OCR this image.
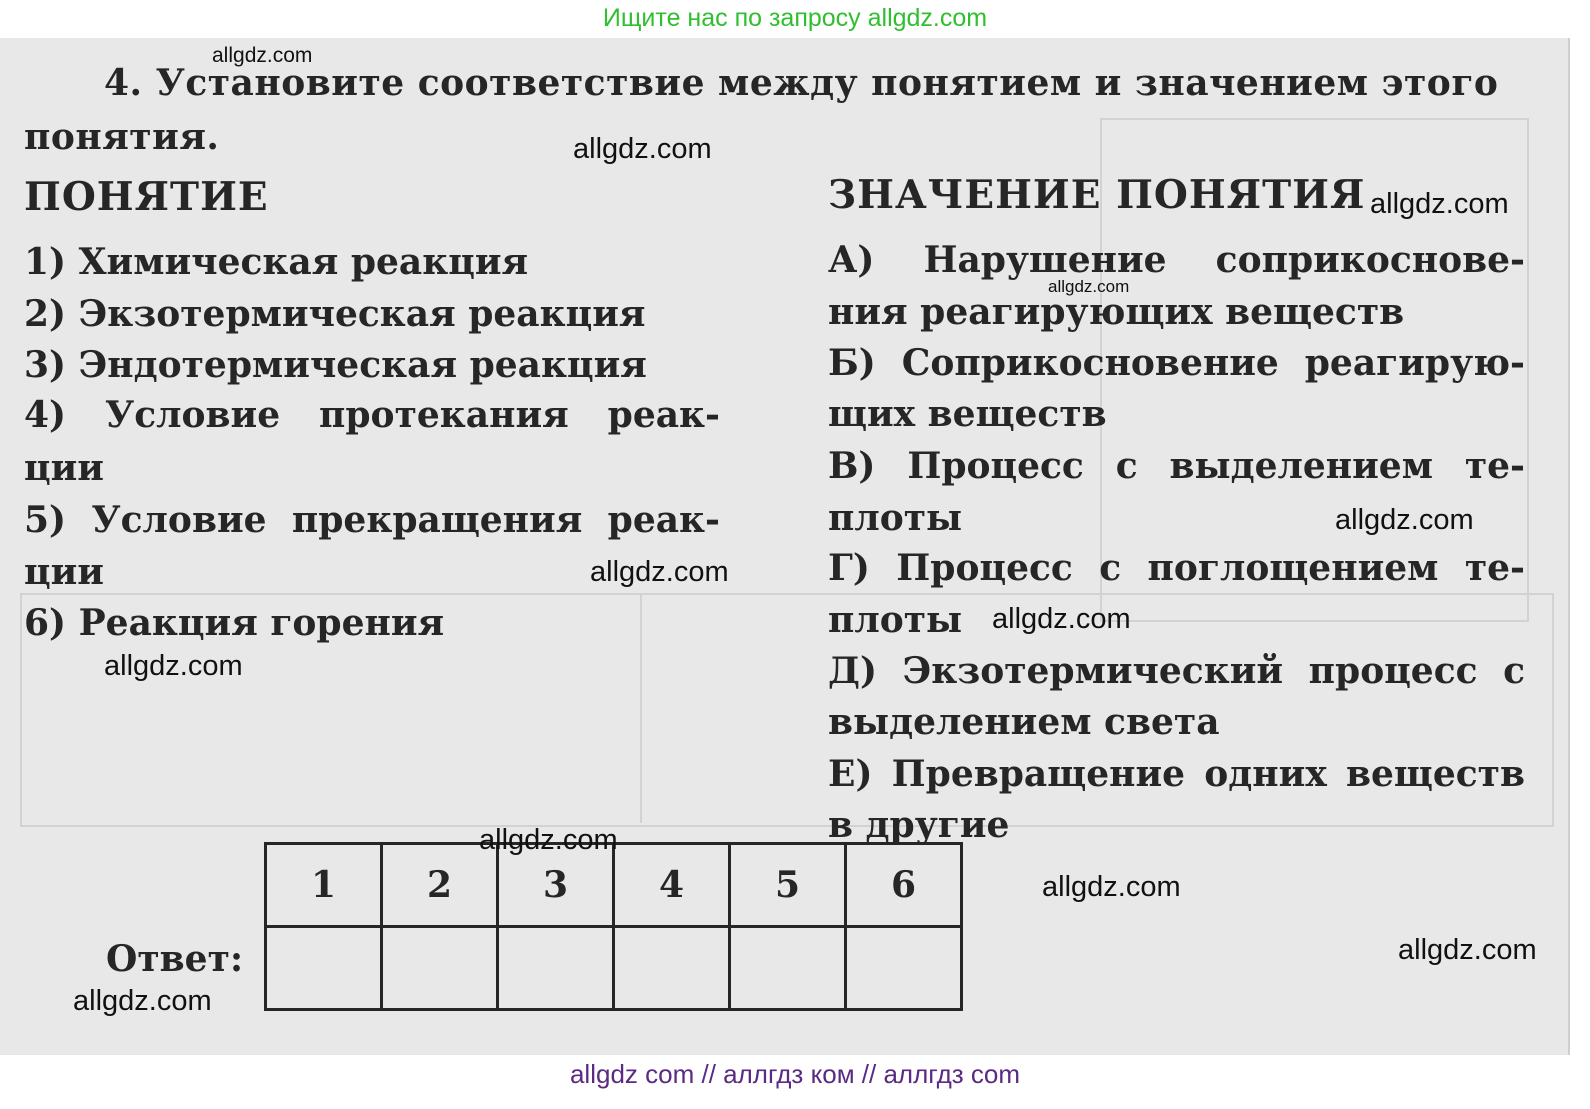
Ищите нас по запросу allgdz.com
4. Установите соответствие между понятием и значением этого
понятия.
ПОНЯТИЕ
1) Химическая реакция
2) Экзотермическая реакция
3) Эндотермическая реакция
4) Условие протекания реак-
ции
5) Условие прекращения реак-
ции
6) Реакция горения
ЗНАЧЕНИЕ ПОНЯТИЯ
А) Нарушение соприкоснове-
ния реагирующих веществ
Б) Соприкосновение реагирую-
щих веществ
В) Процесс с выделением те-
плоты
Г) Процесс с поглощением те-
плоты
Д) Экзотермический процесс с
выделением света
Е) Превращение одних веществ
в другие
Ответ:
1	2	3	4	5	6

allgdz.com
allgdz.com
allgdz.com
allgdz.com
allgdz.com
allgdz.com
allgdz.com
allgdz.com
allgdz.com
allgdz.com
allgdz.com
allgdz.com
allgdz com // аллгдз ком // аллгдз com
